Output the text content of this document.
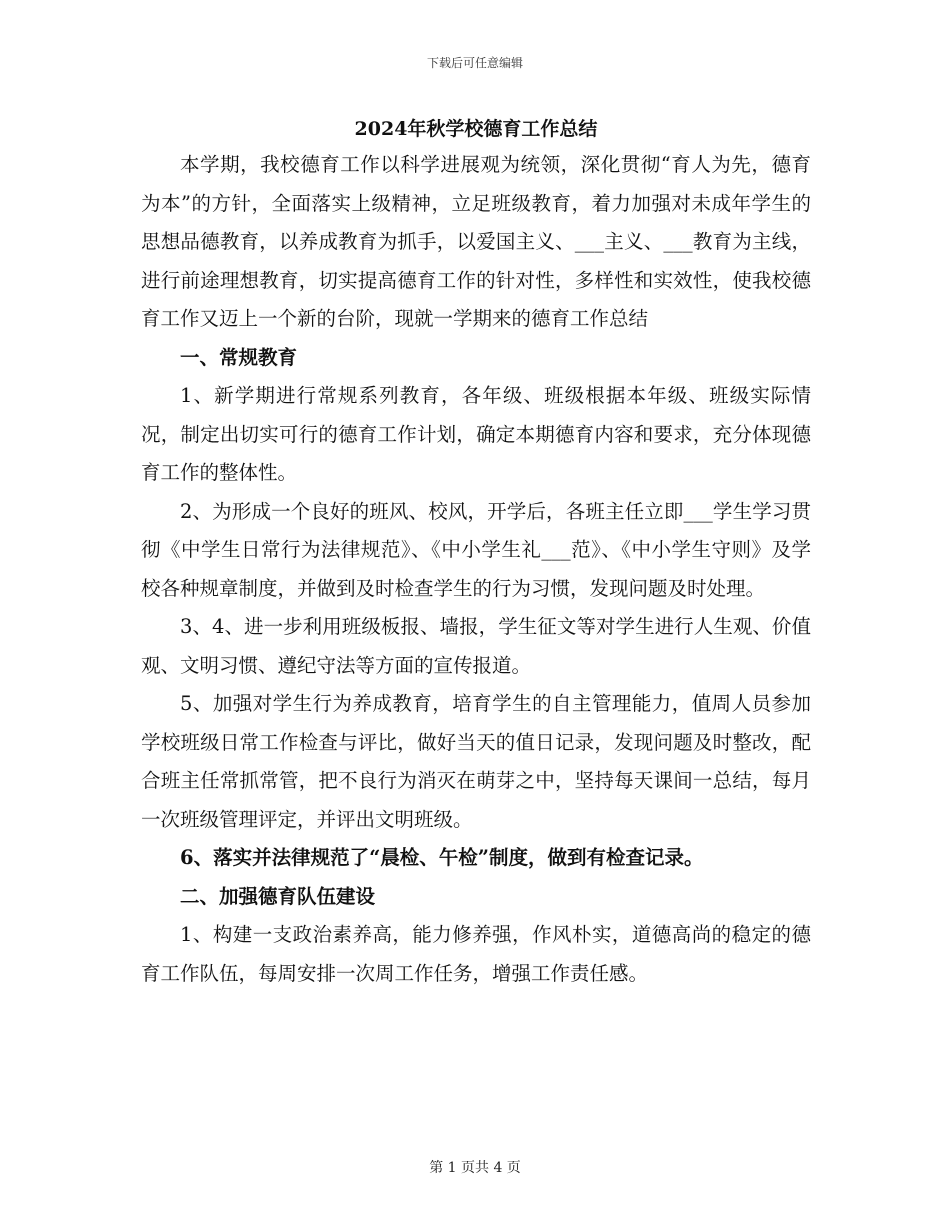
下载后可任意编辑
2024年秋学校德育工作总结

本学期，我校德育工作以科学进展观为统领，深化贯彻“育人为先，德育为本”的方针，全面落实上级精神，立足班级教育，着力加强对未成年学生的思想品德教育，以养成教育为抓手，以爱国主义、___主义、___教育为主线，进行前途理想教育，切实提高德育工作的针对性，多样性和实效性，使我校德育工作又迈上一个新的台阶，现就一学期来的德育工作总结

一、常规教育

1、新学期进行常规系列教育，各年级、班级根据本年级、班级实际情况，制定出切实可行的德育工作计划，确定本期德育内容和要求，充分体现德育工作的整体性。

2、为形成一个良好的班风、校风，开学后，各班主任立即___学生学习贯彻《中学生日常行为法律规范》、《中小学生礼___范》、《中小学生守则》及学校各种规章制度，并做到及时检查学生的行为习惯，发现问题及时处理。

3、4、进一步利用班级板报、墙报，学生征文等对学生进行人生观、价值观、文明习惯、遵纪守法等方面的宣传报道。

5、加强对学生行为养成教育，培育学生的自主管理能力，值周人员参加学校班级日常工作检查与评比，做好当天的值日记录，发现问题及时整改，配合班主任常抓常管，把不良行为消灭在萌芽之中，坚持每天课间一总结，每月一次班级管理评定，并评出文明班级。

6、落实并法律规范了“晨检、午检”制度，做到有检查记录。

二、加强德育队伍建设

1、构建一支政治素养高，能力修养强，作风朴实，道德高尚的稳定的德育工作队伍，每周安排一次周工作任务，增强工作责任感。

第 1 页共 4 页
